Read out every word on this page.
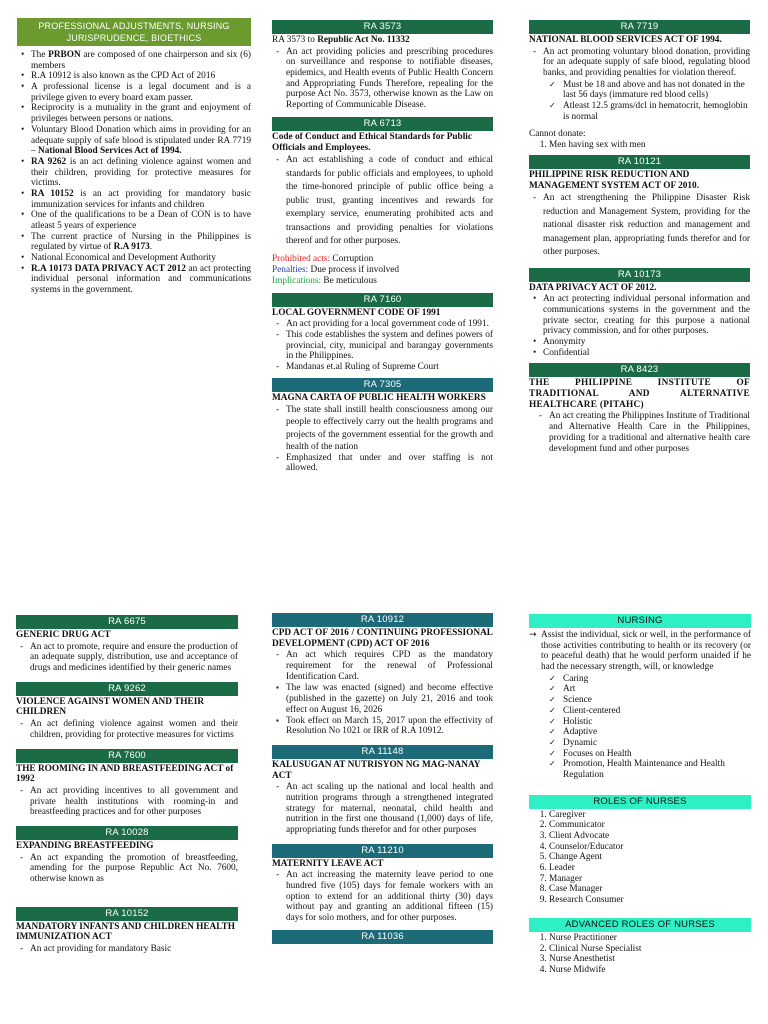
PROFESSIONAL ADJUSTMENTS, NURSING JURISPRUDENCE, BIOETHICS
• The PRBON are composed of one chairperson and six (6) members
• R.A 10912 is also known as the CPD Act of 2016
• A professional license is a legal document and is a privilege given to every board exam passer.
• Reciprocity is a mutuality in the grant and enjoyment of privileges between persons or nations.
• Voluntary Blood Donation which aims in providing for an adequate supply of safe blood is stipulated under RA 7719 – National Blood Services Act of 1994.
• RA 9262 is an act defining violence against women and their children, providing for protective measures for victims.
• RA 10152 is an act providing for mandatory basic immunization services for infants and children
• One of the qualifications to be a Dean of CON is to have atleast 5 years of experience
• The current practice of Nursing in the Philippines is regulated by virtue of R.A 9173.
• National Economical and Development Authority
• R.A 10173 DATA PRIVACY ACT 2012 an act protecting individual personal information and communications systems in the government.
RA 3573
RA 3573 to Republic Act No. 11332
- An act providing policies and prescribing procedures on surveillance and response to notifiable diseases, epidemics, and Health events of Public Health Concern and Appropriating Funds Therefore, repealing for the purpose Act No. 3573, otherwise known as the Law on Reporting of Communicable Disease.
RA 6713
Code of Conduct and Ethical Standards for Public Officials and Employees.
- An act establishing a code of conduct and ethical standards for public officials and employees, to uphold the time-honored principle of public office being a public trust, granting incentives and rewards for exemplary service, enumerating prohibited acts and transactions and providing penalties for violations thereof and for other purposes.
Prohibited acts: Corruption
Penalties: Due process if involved
Implications: Be meticulous
RA 7160
LOCAL GOVERNMENT CODE OF 1991
- An act providing for a local government code of 1991.
- This code establishes the system and defines powers of provincial, city, municipal and barangay governments in the Philippines.
- Mandanas et.al Ruling of Supreme Court
RA 7305
MAGNA CARTA OF PUBLIC HEALTH WORKERS
- The state shall instill health consciousness among our people to effectively carry out the health programs and projects of the government essential for the growth and health of the nation
- Emphasized that under and over staffing is not allowed.
RA 7719
NATIONAL BLOOD SERVICES ACT OF 1994.
- An act promoting voluntary blood donation, providing for an adequate supply of safe blood, regulating blood banks, and providing penalties for violation thereof.
✓ Must be 18 and above and has not donated in the last 56 days (immature red blood cells)
✓ Atleast 12.5 grams/dcl in hematocrit, hemoglobin is normal
Cannot donate:
1. Men having sex with men
RA 10121
PHILIPPINE RISK REDUCTION AND MANAGEMENT SYSTEM ACT OF 2010.
- An act strengthening the Philippine Disaster Risk reduction and Management System, providing for the national disaster risk reduction and management and management plan, appropriating funds therefor and for other purposes.
RA 10173
DATA PRIVACY ACT OF 2012.
• An act protecting individual personal information and communications systems in the government and the private sector, creating for this purpose a national privacy commission, and for other purposes.
• Anonymity
• Confidential
RA 8423
THE PHILIPPINE INSTITUTE OF TRADITIONAL AND ALTERNATIVE HEALTHCARE (PITAHC)
- An act creating the Philippines Institute of Traditional and Alternative Health Care in the Philippines, providing for a traditional and alternative health care development fund and other purposes
RA 6675
GENERIC DRUG ACT
- An act to promote, require and ensure the production of an adequate supply, distribution, use and acceptance of drugs and medicines identified by their generic names
RA 9262
VIOLENCE AGAINST WOMEN AND THEIR CHILDREN
- An act defining violence against women and their children, providing for protective measures for victims
RA 7600
THE ROOMING IN AND BREASTFEEDING ACT of 1992
- An act providing incentives to all government and private health institutions with rooming-in and breastfeeding practices and for other purposes
RA 10028
EXPANDING BREASTFEEDING
- An act expanding the promotion of breastfeeding, amending for the purpose Republic Act No. 7600, otherwise known as
RA 10152
MANDATORY INFANTS AND CHILDREN HEALTH IMMUNIZATION ACT
- An act providing for mandatory Basic
RA 10912
CPD ACT OF 2016 / CONTINUING PROFESSIONAL DEVELOPMENT (CPD) ACT OF 2016
- An act which requires CPD as the mandatory requirement for the renewal of Professional Identification Card.
▪ The law was enacted (signed) and become effective (published in the gazette) on July 21, 2016 and took effect on August 16, 2026
▪ Took effect on March 15, 2017 upon the effectivity of Resolution No 1021 or IRR of R.A 10912.
RA 11148
KALUSUGAN AT NUTRISYON NG MAG-NANAY ACT
- An act scaling up the national and local health and nutrition programs through a strengthened integrated strategy for maternal, neonatal, child health and nutrition in the first one thousand (1,000) days of life, appropriating funds therefor and for other purposes
RA 11210
MATERNITY LEAVE ACT
- An act increasing the maternity leave period to one hundred five (105) days for female workers with an option to extend for an additional thirty (30) days without pay and granting an additional fifteen (15) days for solo mothers, and for other purposes.
RA 11036
NURSING
→ Assist the individual, sick or well, in the performance of those activities contributing to health or its recovery (or to peaceful death) that he would perform unaided if he had the necessary strength, will, or knowledge
✓ Caring
✓ Art
✓ Science
✓ Client-centered
✓ Holistic
✓ Adaptive
✓ Dynamic
✓ Focuses on Health
✓ Promotion, Health Maintenance and Health Regulation
ROLES OF NURSES
1. Caregiver
2. Communicator
3. Client Advocate
4. Counselor/Educator
5. Change Agent
6. Leader
7. Manager
8. Case Manager
9. Research Consumer
ADVANCED ROLES OF NURSES
1. Nurse Practitioner
2. Clinical Nurse Specialist
3. Nurse Anesthetist
4. Nurse Midwife
